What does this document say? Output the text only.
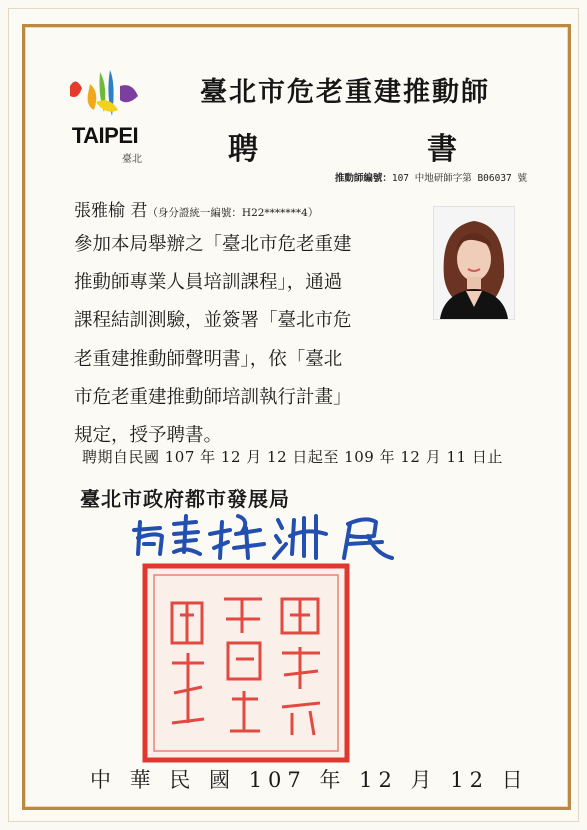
TAIPEI
臺北
臺北市危老重建推動師
聘	書
推動師編號：107 中地研師字第 B06037 號
張雅榆 君（身分證統一編號：H22*******4）
參加本局舉辦之「臺北市危老重建
推動師專業人員培訓課程」，通過
課程結訓測驗，並簽署「臺北市危
老重建推動師聲明書」，依「臺北
市危老重建推動師培訓執行計畫」
規定，授予聘書。
聘期自民國 107 年 12 月 12 日起至 109 年 12 月 11 日止
臺北市政府都市發展局
中 華 民 國 107 年 12 月 12 日
